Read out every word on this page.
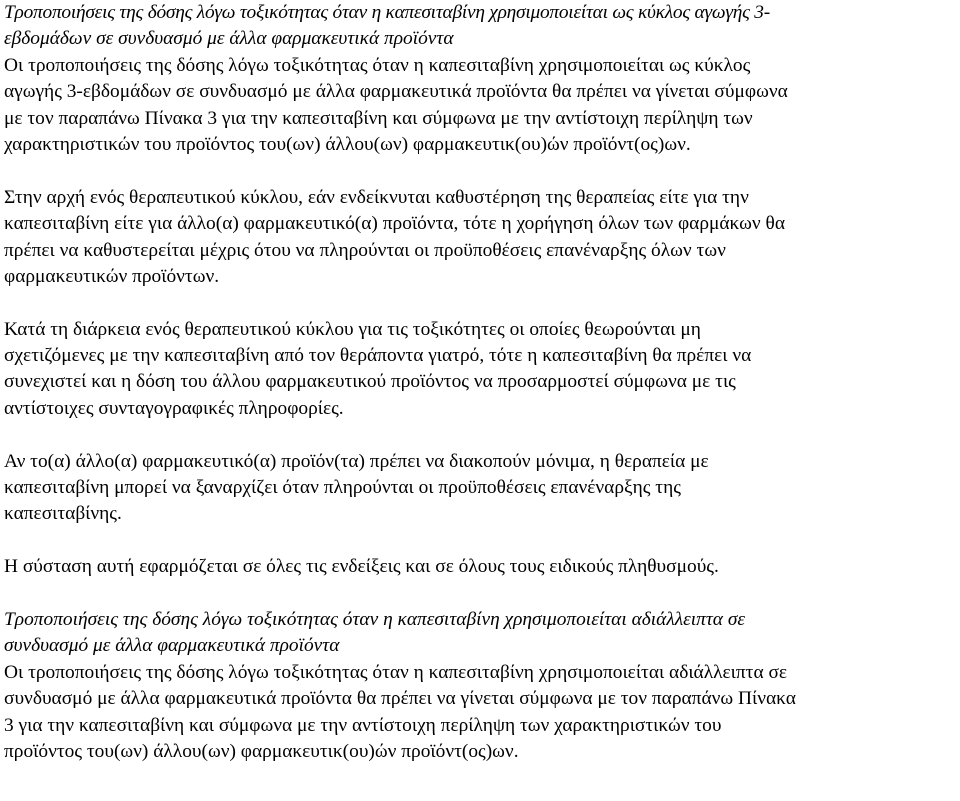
Τροποποιήσεις της δόσης λόγω τοξικότητας όταν η καπεσιταβίνη χρησιμοποιείται ως κύκλος αγωγής 3-
εβδομάδων σε συνδυασμό με άλλα φαρμακευτικά προϊόντα
Οι τροποποιήσεις της δόσης λόγω τοξικότητας όταν η καπεσιταβίνη χρησιμοποιείται ως κύκλος
αγωγής 3-εβδομάδων σε συνδυασμό με άλλα φαρμακευτικά προϊόντα θα πρέπει να γίνεται σύμφωνα
με τον παραπάνω Πίνακα 3 για την καπεσιταβίνη και σύμφωνα με την αντίστοιχη περίληψη των
χαρακτηριστικών του προϊόντος του(ων) άλλου(ων) φαρμακευτικ(ου)ών προϊόντ(ος)ων.
Στην αρχή ενός θεραπευτικού κύκλου, εάν ενδείκνυται καθυστέρηση της θεραπείας είτε για την
καπεσιταβίνη είτε για άλλο(α) φαρμακευτικό(α) προϊόντα, τότε η χορήγηση όλων των φαρμάκων θα
πρέπει να καθυστερείται μέχρις ότου να πληρούνται οι προϋποθέσεις επανέναρξης όλων των
φαρμακευτικών προϊόντων.
Κατά τη διάρκεια ενός θεραπευτικού κύκλου για τις τοξικότητες οι οποίες θεωρούνται μη
σχετιζόμενες με την καπεσιταβίνη από τον θεράποντα γιατρό, τότε η καπεσιταβίνη θα πρέπει να
συνεχιστεί και η δόση του άλλου φαρμακευτικού προϊόντος να προσαρμοστεί σύμφωνα με τις
αντίστοιχες συνταγογραφικές πληροφορίες.
Αν το(α) άλλο(α) φαρμακευτικό(α) προϊόν(τα) πρέπει να διακοπούν μόνιμα, η θεραπεία με
καπεσιταβίνη μπορεί να ξαναρχίζει όταν πληρούνται οι προϋποθέσεις επανέναρξης της
καπεσιταβίνης.
Η σύσταση αυτή εφαρμόζεται σε όλες τις ενδείξεις και σε όλους τους ειδικούς πληθυσμούς.
Τροποποιήσεις της δόσης λόγω τοξικότητας όταν η καπεσιταβίνη χρησιμοποιείται αδιάλλειπτα σε
συνδυασμό με άλλα φαρμακευτικά προϊόντα
Οι τροποποιήσεις της δόσης λόγω τοξικότητας όταν η καπεσιταβίνη χρησιμοποιείται αδιάλλειπτα σε
συνδυασμό με άλλα φαρμακευτικά προϊόντα θα πρέπει να γίνεται σύμφωνα με τον παραπάνω Πίνακα
3 για την καπεσιταβίνη και σύμφωνα με την αντίστοιχη περίληψη των χαρακτηριστικών του
προϊόντος του(ων) άλλου(ων) φαρμακευτικ(ου)ών προϊόντ(ος)ων.
